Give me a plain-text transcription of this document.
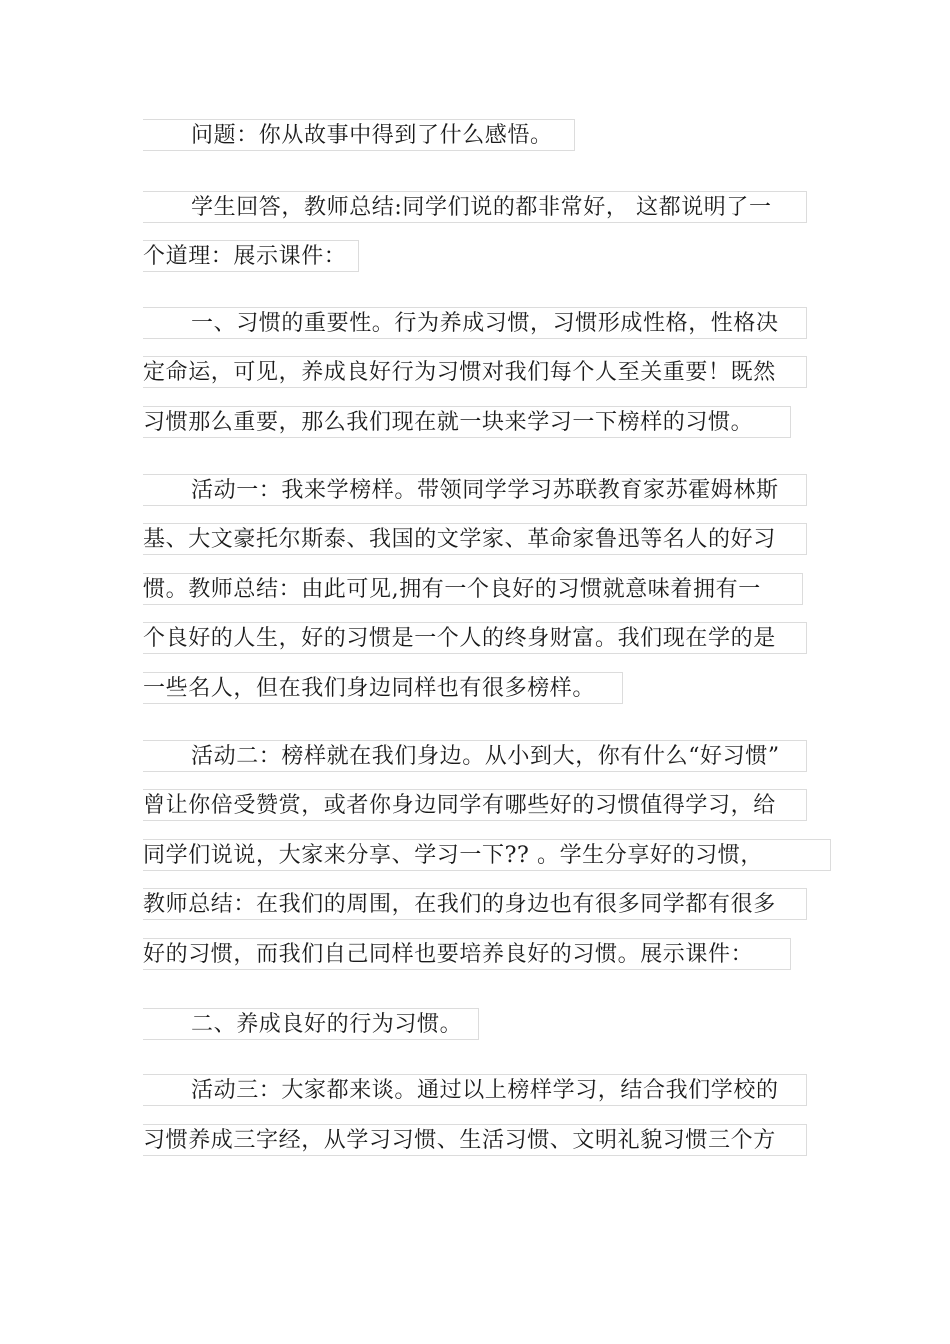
问题：你从故事中得到了什么感悟。
学生回答，教师总结:同学们说的都非常好， 这都说明了一
个道理：展示课件：
一、习惯的重要性。行为养成习惯，习惯形成性格，性格决
定命运，可见，养成良好行为习惯对我们每个人至关重要！既然
习惯那么重要，那么我们现在就一块来学习一下榜样的习惯。
活动一：我来学榜样。带领同学学习苏联教育家苏霍姆林斯
基、大文豪托尔斯泰、我国的文学家、革命家鲁迅等名人的好习
惯。教师总结：由此可见,拥有一个良好的习惯就意味着拥有一
个良好的人生，好的习惯是一个人的终身财富。我们现在学的是
一些名人，但在我们身边同样也有很多榜样。
活动二：榜样就在我们身边。从小到大，你有什么“好习惯”
曾让你倍受赞赏，或者你身边同学有哪些好的习惯值得学习，给
同学们说说，大家来分享、学习一下?? 。学生分享好的习惯，
教师总结：在我们的周围，在我们的身边也有很多同学都有很多
好的习惯，而我们自己同样也要培养良好的习惯。展示课件：
二、养成良好的行为习惯。
活动三：大家都来谈。通过以上榜样学习，结合我们学校的
习惯养成三字经，从学习习惯、生活习惯、文明礼貌习惯三个方
